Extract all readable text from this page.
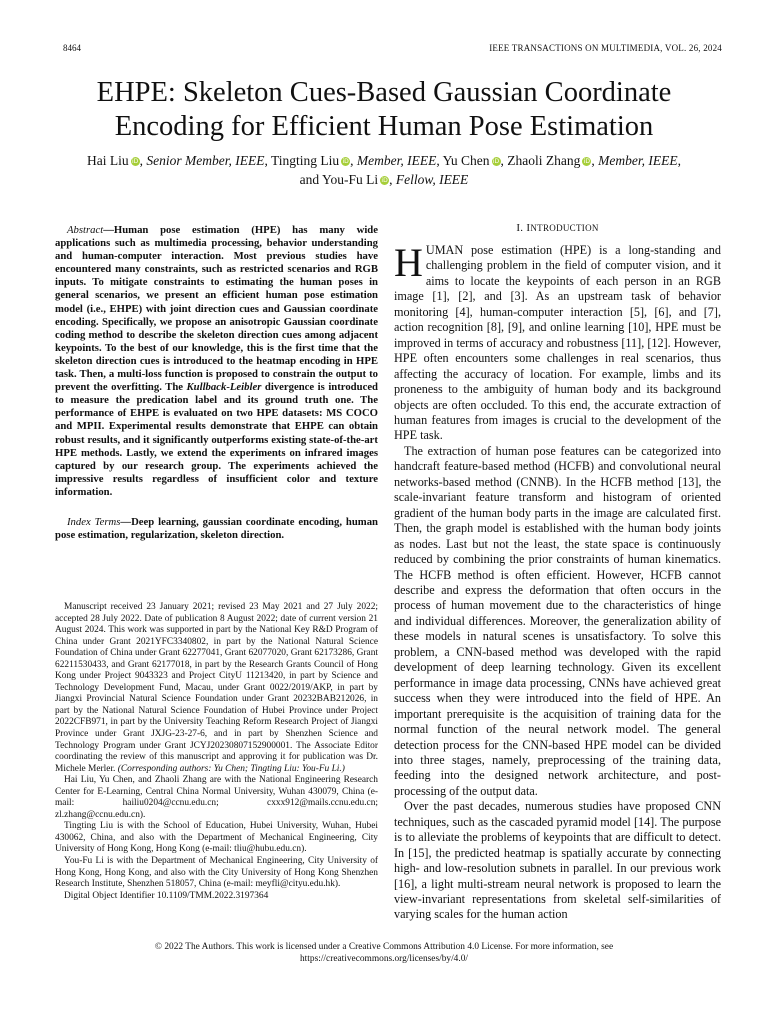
8464	IEEE TRANSACTIONS ON MULTIMEDIA, VOL. 26, 2024
EHPE: Skeleton Cues-Based Gaussian Coordinate
Encoding for Efficient Human Pose Estimation
Hai Liu iD, Senior Member, IEEE, Tingting Liu iD, Member, IEEE, Yu Chen iD, Zhaoli Zhang iD, Member, IEEE,
and You-Fu Li iD, Fellow, IEEE

Abstract—Human pose estimation (HPE) has many wide applications such as multimedia processing, behavior understanding and human-computer interaction. Most previous studies have encountered many constraints, such as restricted scenarios and RGB inputs. To mitigate constraints to estimating the human poses in general scenarios, we present an efficient human pose estimation model (i.e., EHPE) with joint direction cues and Gaussian coordinate encoding. Specifically, we propose an anisotropic Gaussian coordinate coding method to describe the skeleton direction cues among adjacent keypoints. To the best of our knowledge, this is the first time that the skeleton direction cues is introduced to the heatmap encoding in HPE task. Then, a multi-loss function is proposed to constrain the output to prevent the overfitting. The Kullback-Leibler divergence is introduced to measure the predication label and its ground truth one. The performance of EHPE is evaluated on two HPE datasets: MS COCO and MPII. Experimental results demonstrate that EHPE can obtain robust results, and it significantly outperforms existing state-of-the-art HPE methods. Lastly, we extend the experiments on infrared images captured by our research group. The experiments achieved the impressive results regardless of insufficient color and texture information.

Index Terms—Deep learning, gaussian coordinate encoding, human pose estimation, regularization, skeleton direction.

Manuscript received 23 January 2021; revised 23 May 2021 and 27 July 2022; accepted 28 July 2022. Date of publication 8 August 2022; date of current version 21 August 2024. This work was supported in part by the National Key R&D Program of China under Grant 2021YFC3340802, in part by the National Natural Science Foundation of China under Grant 62277041, Grant 62077020, Grant 62173286, Grant 62211530433, and Grant 62177018, in part by the Research Grants Council of Hong Kong under Project 9043323 and Project CityU 11213420, in part by Science and Technology Development Fund, Macau, under Grant 0022/2019/AKP, in part by Jiangxi Provincial Natural Science Foundation under Grant 20232BAB212026, in part by the National Natural Science Foundation of Hubei Province under Project 2022CFB971, in part by the University Teaching Reform Research Project of Jiangxi Province under Grant JXJG-23-27-6, and in part by Shenzhen Science and Technology Program under Grant JCYJ20230807152900001. The Associate Editor coordinating the review of this manuscript and approving it for publication was Dr. Michele Merler. (Corresponding authors: Yu Chen; Tingting Liu: You-Fu Li.)

Hai Liu, Yu Chen, and Zhaoli Zhang are with the National Engineering Research Center for E-Learning, Central China Normal University, Wuhan 430079, China (e-mail: hailiu0204@ccnu.edu.cn; cxxx912@mails.ccnu.edu.cn; zl.zhang@ccnu.edu.cn).

Tingting Liu is with the School of Education, Hubei University, Wuhan, Hubei 430062, China, and also with the Department of Mechanical Engineering, City University of Hong Kong, Hong Kong (e-mail: tliu@hubu.edu.cn).

You-Fu Li is with the Department of Mechanical Engineering, City University of Hong Kong, Hong Kong, and also with the City University of Hong Kong Shenzhen Research Institute, Shenzhen 518057, China (e-mail: meyfli@cityu.edu.hk).

Digital Object Identifier 10.1109/TMM.2022.3197364

I. INTRODUCTION

HUMAN pose estimation (HPE) is a long-standing and challenging problem in the field of computer vision, and it aims to locate the keypoints of each person in an RGB image [1], [2], and [3]. As an upstream task of behavior monitoring [4], human-computer interaction [5], [6], and [7], action recognition [8], [9], and online learning [10], HPE must be improved in terms of accuracy and robustness [11], [12]. However, HPE often encounters some challenges in real scenarios, thus affecting the accuracy of location. For example, limbs and its proneness to the ambiguity of human body and its background objects are often occluded. To this end, the accurate extraction of human features from images is crucial to the development of the HPE task.

The extraction of human pose features can be categorized into handcraft feature-based method (HCFB) and convolutional neural networks-based method (CNNB). In the HCFB method [13], the scale-invariant feature transform and histogram of oriented gradient of the human body parts in the image are calculated first. Then, the graph model is established with the human body joints as nodes. Last but not the least, the state space is continuously reduced by combining the prior constraints of human kinematics. The HCFB method is often efficient. However, HCFB cannot describe and express the deformation that often occurs in the process of human movement due to the characteristics of hinge and individual differences. Moreover, the generalization ability of these models in natural scenes is unsatisfactory. To solve this problem, a CNN-based method was developed with the rapid development of deep learning technology. Given its excellent performance in image data processing, CNNs have achieved great success when they were introduced into the field of HPE. An important prerequisite is the acquisition of training data for the normal function of the neural network model. The general detection process for the CNN-based HPE model can be divided into three stages, namely, preprocessing of the training data, feeding into the designed network architecture, and post-processing of the output data.

Over the past decades, numerous studies have proposed CNN techniques, such as the cascaded pyramid model [14]. The purpose is to alleviate the problems of keypoints that are difficult to detect. In [15], the predicted heatmap is spatially accurate by connecting high- and low-resolution subnets in parallel. In our previous work [16], a light multi-stream neural network is proposed to learn the view-invariant representations from skeletal self-similarities of varying scales for the human action

© 2022 The Authors. This work is licensed under a Creative Commons Attribution 4.0 License. For more information, see
https://creativecommons.org/licenses/by/4.0/
